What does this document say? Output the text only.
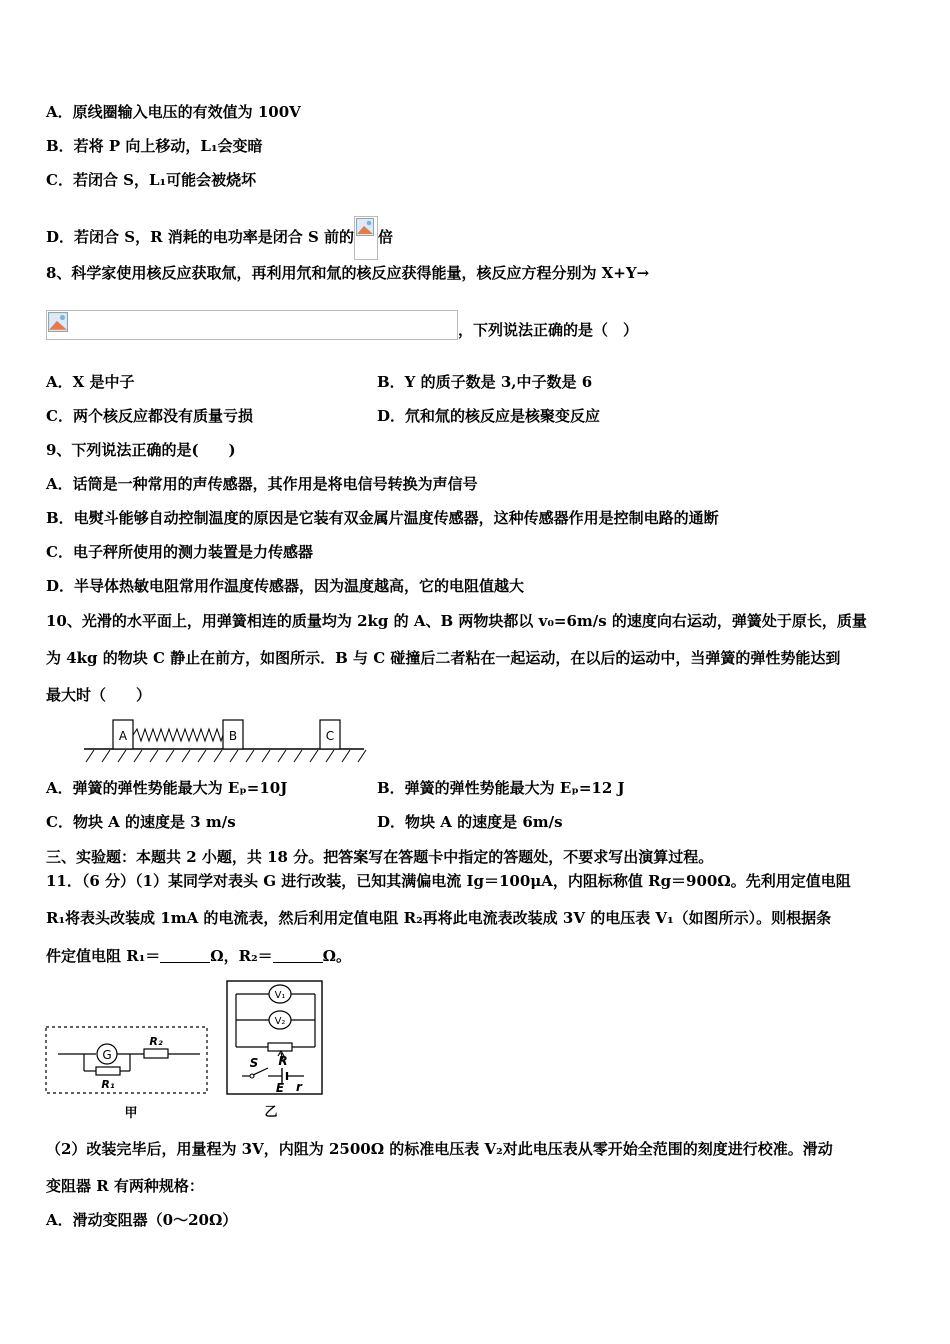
A．原线圈输入电压的有效值为 100V
B．若将 P 向上移动，L₁会变暗
C．若闭合 S，L₁可能会被烧坏
D．若闭合 S，R 消耗的电功率是闭合 S 前的 倍
8、科学家使用核反应获取氚，再利用氘和氚的核反应获得能量，核反应方程分别为 X+Y→
，下列说法正确的是（　）
A．X 是中子	B．Y 的质子数是 3,中子数是 6
C．两个核反应都没有质量亏损	D．氘和氚的核反应是核聚变反应
9、下列说法正确的是(　　)
A．话筒是一种常用的声传感器，其作用是将电信号转换为声信号
B．电熨斗能够自动控制温度的原因是它装有双金属片温度传感器，这种传感器作用是控制电路的通断
C．电子秤所使用的测力装置是力传感器
D．半导体热敏电阻常用作温度传感器，因为温度越高，它的电阻值越大
10、光滑的水平面上，用弹簧相连的质量均为 2kg 的 A、B 两物块都以 v₀=6m/s 的速度向右运动，弹簧处于原长，质量
为 4kg 的物块 C 静止在前方，如图所示．B 与 C 碰撞后二者粘在一起运动，在以后的运动中，当弹簧的弹性势能达到
最大时（　　）
A	B	C
A．弹簧的弹性势能最大为 Eₚ=10J	B．弹簧的弹性势能最大为 Eₚ=12 J
C．物块 A 的速度是 3 m/s	D．物块 A 的速度是 6m/s
三、实验题：本题共 2 小题，共 18 分。把答案写在答题卡中指定的答题处，不要求写出演算过程。
11．（6 分）（1）某同学对表头 G 进行改装，已知其满偏电流 Ig＝100μA，内阻标称值 Rg＝900Ω。先利用定值电阻
R₁将表头改装成 1mA 的电流表，然后利用定值电阻 R₂再将此电流表改装成 3V 的电压表 V₁（如图所示）。则根据条
件定值电阻 R₁＝	Ω，R₂＝	Ω。
G
R₂
R₁
甲
V₁
V₂
R
S
E r
乙
（2）改装完毕后，用量程为 3V，内阻为 2500Ω 的标准电压表 V₂对此电压表从零开始全范围的刻度进行校准。滑动
变阻器 R 有两种规格：
A．滑动变阻器（0～20Ω）
